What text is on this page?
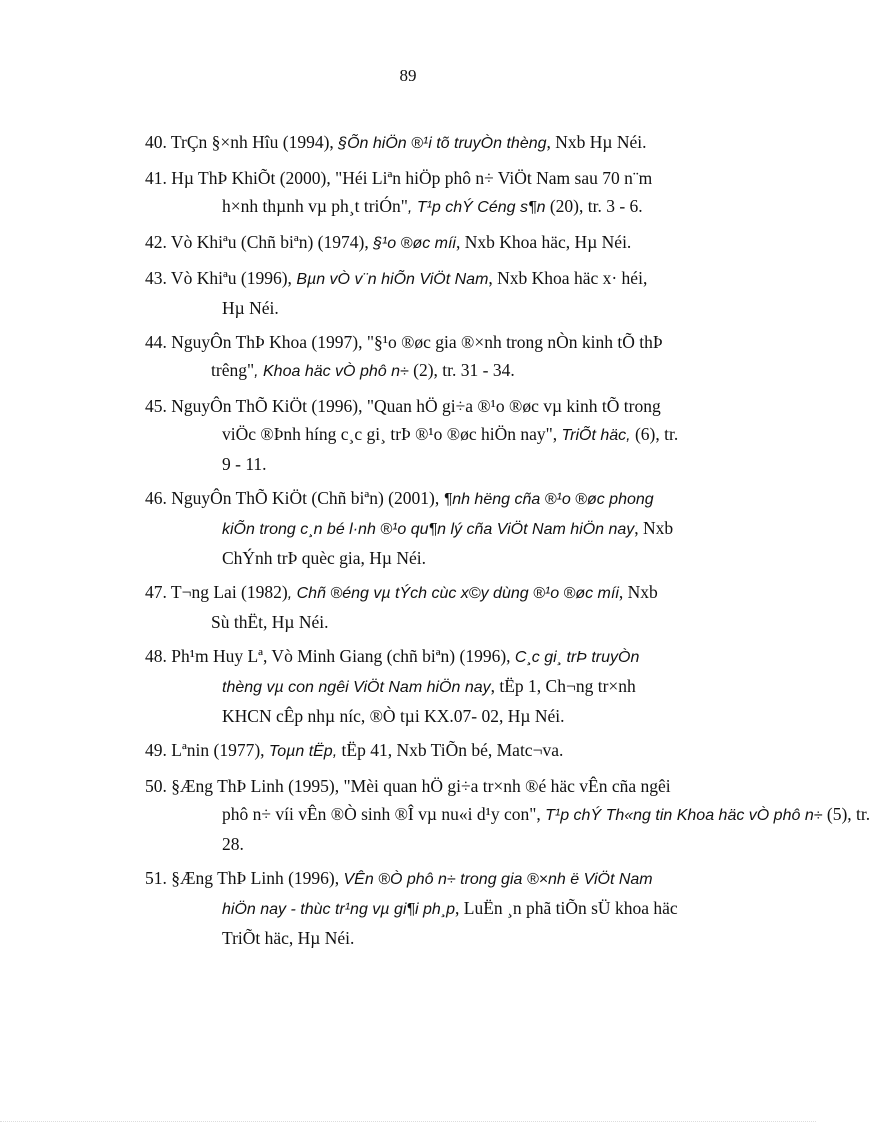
89
40. TrÇn §×nh Hîu (1994), §Õn hiÖn ®¹i tõ truyÒn thèng, Nxb Hµ Néi.
41. Hµ ThÞ KhiÕt (2000), "Héi Liªn hiÖp phô n÷ ViÖt Nam sau 70 n¨m
h×nh thµnh vµ ph¸t triÓn", T¹p chÝ Céng s¶n (20), tr. 3 - 6.
42. Vò Khiªu (Chñ biªn) (1974), §¹o ®øc míi, Nxb Khoa häc, Hµ Néi.
43. Vò Khiªu (1996), Bµn vÒ v¨n hiÕn ViÖt Nam, Nxb Khoa häc x· héi,
Hµ Néi.
44. NguyÔn ThÞ Khoa (1997), "§¹o ®øc gia ®×nh trong nÒn kinh tÕ thÞ
trêng", Khoa häc vÒ phô n÷ (2), tr. 31 - 34.
45. NguyÔn ThÕ KiÖt (1996), "Quan hÖ gi÷a ®¹o ®øc vµ kinh tÕ trong
viÖc ®Þnh híng c¸c gi¸ trÞ ®¹o ®øc hiÖn nay", TriÕt häc, (6), tr.
9 - 11.
46. NguyÔn ThÕ KiÖt (Chñ biªn) (2001), ¶nh hëng cña ®¹o ®øc phong
kiÕn trong c¸n bé l·nh ®¹o qu¶n lý cña ViÖt Nam hiÖn nay, Nxb
ChÝnh trÞ quèc gia, Hµ Néi.
47. T¬ng Lai (1982), Chñ ®éng vµ tÝch cùc x©y dùng ®¹o ®øc míi, Nxb
Sù thËt, Hµ Néi.
48. Ph¹m Huy Lª, Vò Minh Giang (chñ biªn) (1996), C¸c gi¸ trÞ truyÒn
thèng vµ con ngêi ViÖt Nam hiÖn nay, tËp 1, Ch¬ng tr×nh
KHCN cÊp nhµ níc, ®Ò tµi KX.07- 02, Hµ Néi.
49. Lªnin (1977), Toµn tËp, tËp 41, Nxb TiÕn bé, Matc¬va.
50. §Æng ThÞ Linh (1995), "Mèi quan hÖ gi÷a tr×nh ®é häc vÊn cña ngêi
phô n÷ víi vÊn ®Ò sinh ®Î vµ nu«i d¹y con", T¹p chÝ Th«ng tin Khoa häc vÒ phô n÷ (5), tr.
28.
51. §Æng ThÞ Linh (1996), VÊn ®Ò phô n÷ trong gia ®×nh ë ViÖt Nam
hiÖn nay - thùc tr¹ng vµ gi¶i ph¸p, LuËn ¸n phã tiÕn sÜ khoa häc
TriÕt häc, Hµ Néi.
